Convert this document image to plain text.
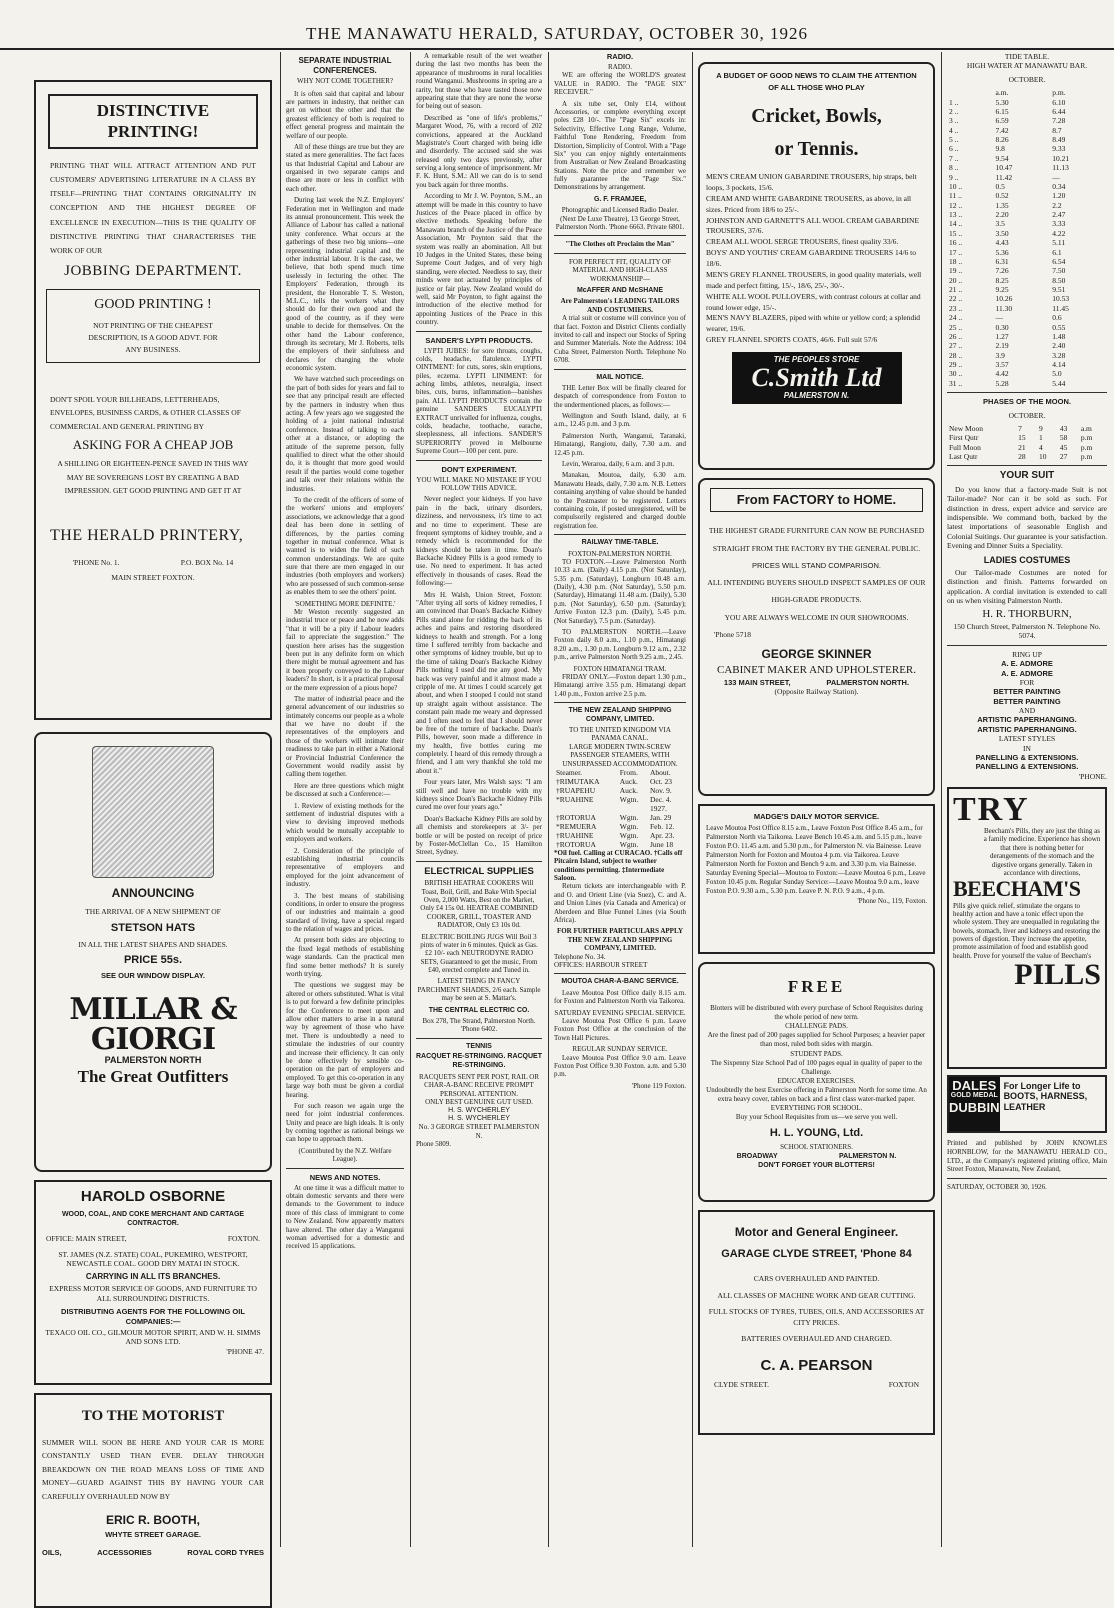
THE MANAWATU HERALD, SATURDAY, OCTOBER 30, 1926
DISTINCTIVE PRINTING!
PRINTING THAT WILL ATTRACT ATTENTION AND PUT CUSTOMERS' ADVERTISING LITERATURE IN A CLASS BY ITSELF—PRINTING THAT CONTAINS ORIGINALITY IN CONCEPTION AND THE HIGHEST DEGREE OF EXCELLENCE IN EXECUTION—THIS IS THE QUALITY OF DISTINCTIVE PRINTING THAT CHARACTERISES THE WORK OF OUR
JOBBING DEPARTMENT.
GOOD PRINTING !
NOT PRINTING OF THE CHEAPEST DESCRIPTION, IS A GOOD ADVT. FOR ANY BUSINESS.
DON'T SPOIL YOUR BILLHEADS, LETTERHEADS, ENVELOPES, BUSINESS CARDS, & OTHER CLASSES OF COMMERCIAL AND GENERAL PRINTING BY
ASKING FOR A CHEAP JOB
A SHILLING OR EIGHTEEN-PENCE SAVED IN THIS WAY MAY BE SOVEREIGNS LOST BY CREATING A BAD IMPRESSION. GET GOOD PRINTING AND GET IT AT
THE HERALD PRINTERY,
'PHONE No. 1.	P.O. BOX No. 14
MAIN STREET FOXTON.
ANNOUNCING
THE ARRIVAL OF A NEW SHIPMENT OF
STETSON HATS
IN ALL THE LATEST SHAPES AND SHADES.
PRICE 55s.
SEE OUR WINDOW DISPLAY.
MILLAR & GIORGI
PALMERSTON NORTH
The Great Outfitters
HAROLD OSBORNE
WOOD, COAL, AND COKE MERCHANT AND CARTAGE CONTRACTOR.
OFFICE: MAIN STREET,	FOXTON.
ST. JAMES (N.Z. STATE) COAL, PUKEMIRO, WESTPORT, NEWCASTLE COAL. GOOD DRY MATAI IN STOCK.
CARRYING IN ALL ITS BRANCHES.
EXPRESS MOTOR SERVICE OF GOODS, AND FURNITURE TO ALL SURROUNDING DISTRICTS.
DISTRIBUTING AGENTS FOR THE FOLLOWING OIL COMPANIES:—
TEXACO OIL CO., GILMOUR MOTOR SPIRIT, AND W. H. SIMMS AND SONS LTD.
'PHONE 47.
TO THE MOTORIST
SUMMER WILL SOON BE HERE AND YOUR CAR IS MORE CONSTANTLY USED THAN EVER. DELAY THROUGH BREAKDOWN ON THE ROAD MEANS LOSS OF TIME AND MONEY—GUARD AGAINST THIS BY HAVING YOUR CAR CAREFULLY OVERHAULED NOW BY
ERIC R. BOOTH,
WHYTE STREET GARAGE.
OILS,	ACCESSORIES	ROYAL CORD TYRES
SEPARATE INDUSTRIAL CONFERENCES.
WHY NOT COME TOGETHER?

It is often said that capital and labour are partners in industry, that neither can get on without the other and that the greatest efficiency of both is required to effect general progress and maintain the welfare of our people.

All of these things are true but they are stated as mere generalities. The fact faces us that Industrial Capital and Labour are organised in two separate camps and these are more or less in conflict with each other.

During last week the N.Z. Employers' Federation met in Wellington and made its annual pronouncement. This week the Alliance of Labour has called a national unity conference. What occurs at the gatherings of these two big unions—one representing industrial capital and the other industrial labour. It is the case, we believe, that both spend much time uselessly in lecturing the other. The Employers' Federation, through its president, the Honorable T. S. Weston, M.L.C., tells the workers what they should do for their own good and the good of the country, as if they were unable to decide for themselves. On the other hand the Labour conference, through its secretary, Mr J. Roberts, tells the employers of their sinfulness and declares for changing the whole economic system.

We have watched such proceedings on the part of both sides for years and fail to see that any principal result are effected by the partners in industry when thus acting. A few years ago we suggested the holding of a joint national industrial conference. Instead of talking to each other at a distance, or adopting the attitude of the supreme person, fully qualified to direct what the other should do, it is thought that more good would result if the parties would come together and talk over their relations within the industries.

To the credit of the officers of some of the workers' unions and employers' associations, we acknowledge that a good deal has been done in settling of differences, by the parties coming together in mutual conference. What is wanted is to widen the field of such common understandings. We are quite sure that there are men engaged in our industries (both employers and workers) who are possessed of such common-sense as enables them to see the others' point.

'SOMETHING MORE DEFINITE.'

Mr Weston recently suggested an industrial truce or peace and he now adds "that it will be a pity if Labour leaders fail to appreciate the suggestion." The question here arises has the suggestion been put in any definite form on which there might be mutual agreement and has it been properly conveyed to the Labour leaders? In short, is it a practical proposal or the mere expression of a pious hope?

The matter of industrial peace and the general advancement of our industries so intimately concerns our people as a whole that we have no doubt if the representatives of the employers and those of the workers will intimate their readiness to take part in either a National or Provincial Industrial Conference the Government would readily assist by calling them together.

Here are three questions which might be discussed at such a Conference:—

1. Review of existing methods for the settlement of industrial disputes with a view to devising improved methods which would be mutually acceptable to employers and workers.

2. Consideration of the principle of establishing industrial councils representative of employers and employed for the joint advancement of industry.

3. The best means of stabilising conditions, in order to ensure the progress of our industries and maintain a good standard of living, have a special regard to the relation of wages and prices.

At present both sides are objecting to the fixed legal methods of establishing wage standards. Can the practical men find some better methods? It is surely worth trying.

The questions we suggest may be altered or others substituted. What is vital is to put forward a few definite principles for the Conference to meet upon and allow other matters to arise in a natural way by agreement of those who have met. There is undoubtedly a need to stimulate the industries of our country and increase their efficiency. It can only be done effectively by sensible co-operation on the part of employers and employed. To get this co-operation in any large way both must be given a cordial hearing.

For such reason we again urge the need for joint industrial conferences. Unity and peace are high ideals. It is only by coming together as rational beings we can hope to approach them.

(Contributed by the N.Z. Welfare League).
NEWS AND NOTES.

At one time it was a difficult matter to obtain domestic servants and there were demands to the Government to induce more of this class of immigrant to come to New Zealand. Now apparently matters have altered. The other day a Wanganui woman advertised for a domestic and received 15 applications.

A remarkable result of the wet weather during the last two months has been the appearance of mushrooms in rural localities round Wanganui. Mushrooms in spring are a rarity, but those who have tasted those now appearing state that they are none the worse for being out of season.

Described as "one of life's problems," Margaret Wood, 76, with a record of 202 convictions, appeared at the Auckland Magistrate's Court charged with being idle and disorderly. The accused said she was released only two days previously, after serving a long sentence of imprisonment. Mr F. K. Hunt, S.M.: All we can do is to send you back again for three months.

According to Mr J. W. Poynton, S.M., an attempt will be made in this country to have Justices of the Peace placed in office by elective methods. Speaking before the Manawatu branch of the Justice of the Peace Association, Mr Poynton said that the system was really an abomination. All but 10 Judges in the United States, these being Supreme Court Judges, and of very high standing, were elected. Needless to say, their minds were not actuated by principles of justice or fair play. New Zealand would do well, said Mr Poynton, to fight against the introduction of the elective method for appointing Justices of the Peace in this country.

SANDER'S LYPTI PRODUCTS.

LYPTI JUBES: for sore throats, coughs, colds, headache, flatulence. LYPTI OINTMENT: for cuts, sores, skin eruptions, piles, eczema. LYPTI LINIMENT: for aching limbs, athletes, neuralgia, insect bites, cuts, burns, inflammation—banishes pain. ALL LYPTI PRODUCTS contain the genuine SANDER'S EUCALYPTI EXTRACT unrivalled for influenza, coughs, colds, headache, toothache, earache, sleeplessness, all infections. SANDER'S SUPERIORITY proved in Melbourne Supreme Court—100 per cent. pure.

DON'T EXPERIMENT.
YOU WILL MAKE NO MISTAKE IF YOU FOLLOW THIS ADVICE.

Never neglect your kidneys. If you have pain in the back, urinary disorders, dizziness, and nervousness, it's time to act and no time to experiment. These are frequent symptoms of kidney trouble, and a remedy which is recommended for the kidneys should be taken in time. Doan's Backache Kidney Pills is a good remedy to use. No need to experiment. It has acted effectively in thousands of cases. Read the following:—

Mrs H. Walsh, Union Street, Foxton: "After trying all sorts of kidney remedies, I am convinced that Doan's Backache Kidney Pills stand alone for ridding the back of its aches and pains and restoring disordered kidneys to health and strength. For a long time I suffered terribly from backache and other symptoms of kidney trouble, but up to the time of taking Doan's Backache Kidney Pills nothing I used did me any good. My back was very painful and it almost made a cripple of me. At times I could scarcely get about, and when I stooped I could not stand up straight again without assistance. The constant pain made me weary and depressed and I often used to feel that I should never be free of the torture of backache. Doan's Pills, however, soon made a difference in my health, five bottles curing me completely. I heard of this remedy through a friend, and I am very thankful she told me about it."

Four years later, Mrs Walsh says: "I am still well and have no trouble with my kidneys since Doan's Backache Kidney Pills cured me over four years ago."

Doan's Backache Kidney Pills are sold by all chemists and storekeepers at 3/- per bottle or will be posted on receipt of price by Foster-McClellan Co., 15 Hamilton Street, Sydney.

ELECTRICAL SUPPLIES
BRITISH HEATRAE COOKERS Will Toast, Boil, Grill, and Bake With Special Oven, 2,000 Watts, Best on the Market, Only £4 15s 0d. HEATRAE COMBINED COOKER, GRILL, TOASTER AND RADIATOR, Only £3 10s 0d.
ELECTRIC BOILING JUGS Will Boil 3 pints of water in 6 minutes. Quick as Gas. £2 10/- each NEUTRODYNE RADIO SETS, Guaranteed to get the music, From £40, erected complete and Tuned in.
LATEST THING IN FANCY PARCHMENT SHADES, 2/6 each. Sample may be seen at S. Mattar's.
THE CENTRAL ELECTRIC CO.
Box 278, The Strand, Palmerston North. 'Phone 6402.
TENNIS
RACQUET RE-STRINGING. RACQUET RE-STRINGING.
RACQUETS SENT PER POST, RAIL OR CHAR-A-BANC RECEIVE PROMPT PERSONAL ATTENTION.
ONLY BEST GENUINE GUT USED.
H. S. WYCHERLEY
H. S. WYCHERLEY
No. 3 GEORGE STREET PALMERSTON N.
Phone 5809.
RADIO.
RADIO.

WE are offering the WORLD'S greatest VALUE in RADIO. The "PAGE SIX" RECEIVER."

A six tube set, Only £14, without Accessories, or complete everything except poles £28 10/-. The "Page Six" excels in: Selectivity, Effective Long Range, Volume, Faithful Tone Rendering, Freedom from Distortion, Simplicity of Control. With a "Page Six" you can enjoy nightly entertainments from Australian or New Zealand Broadcasting Stations. Note the price and remember we fully guarantee the "Page Six." Demonstrations by arrangement.

G. F. FRAMJEE,
Photographic and Licensed Radio Dealer. (Next De Luxe Theatre), 13 George Street, Palmerston North. 'Phone 6663. Private 6801.
"The Clothes oft Proclaim the Man"
FOR PERFECT FIT, QUALITY OF MATERIAL AND HIGH-CLASS WORKMANSHIP—
McAFFER AND McSHANE
Are Palmerston's LEADING TAILORS AND COSTUMIERS.

A trial suit or costume will convince you of that fact. Foxton and District Clients cordially invited to call and inspect our Stocks of Spring and Summer Materials. Note the Address: 104 Cuba Street, Palmerston North. Telephone No 6708.

MAIL NOTICE.

THE Letter Box will be finally cleared for despatch of correspondence from Foxton to the undermentioned places, as follows:—

Wellington and South Island, daily, at 6 a.m., 12.45 p.m. and 3 p.m.

Palmerston North, Wanganui, Taranaki, Himatangi, Rangiotu, daily, 7.30 a.m. and 12.45 p.m.

Levin, Weraroa, daily, 6 a.m. and 3 p.m.

Manakau, Moutoa, daily, 6.30 a.m. Manawatu Heads, daily, 7.30 a.m. N.B. Letters containing anything of value should be handed to the Postmaster to be registered. Letters containing coin, if posted unregistered, will be compulsorily registered and charged double registration fee.

RAILWAY TIME-TABLE.
FOXTON-PALMERSTON NORTH.

TO FOXTON.—Leave Palmerston North 10.33 a.m. (Daily) 4.15 p.m. (Not Saturday), 5.35 p.m. (Saturday), Longburn 10.48 a.m. (Daily), 4.30 p.m. (Not Saturday), 5.50 p.m. (Saturday), Himatangi 11.48 a.m. (Daily), 5.30 p.m. (Not Saturday), 6.50 p.m. (Saturday); Arrive Foxton 12.3 p.m. (Daily), 5.45 p.m. (Not Saturday), 7.5 p.m. (Saturday).

TO PALMERSTON NORTH.—Leave Foxton daily 8.0 a.m., 1.10 p.m., Himatangi 8.20 a.m., 1.30 p.m. Longburn 9.12 a.m., 2.32 p.m., arrive Palmerston North 9.25 a.m., 2.45.

FOXTON HIMATANGI TRAM.

FRIDAY ONLY.—Foxton depart 1.30 p.m., Himatangi arrive 3.55 p.m. Himatangi depart 1.40 p.m., Foxton arrive 2.5 p.m.

THE NEW ZEALAND SHIPPING COMPANY, LIMITED.
TO THE UNITED KINGDOM VIA PANAMA CANAL.
LARGE MODERN TWIN-SCREW PASSENGER STEAMERS, WITH UNSURPASSED ACCOMMODATION.
Steamer.	From.	About.
†RIMUTAKA	Auck.	Oct. 23
†RUAPEHU	Auck.	Nov. 9.
*RUAHINE	Wgtn.	Dec. 4.
		1927.
†ROTORUA	Wgtn.	Jan. 29
*REMUERA	Wgtn.	Feb. 12.
†RUAHINE	Wgtn.	Apr. 23.
†ROTORUA	Wgtn.	June 18
*Oil fuel. Calling at CURACAO. †Calls off Pitcairn Island, subject to weather conditions permitting. ‡Intermediate Saloon.

Return tickets are interchangeable with P. and O. and Orient Line (via Suez), C. and A. and Union Lines (via Canada and America) or Aberdeen and Blue Funnel Lines (via South Africa).

FOR FURTHER PARTICULARS APPLY
THE NEW ZEALAND SHIPPING COMPANY, LIMITED.
Telephone No. 34.
OFFICES: HARBOUR STREET
MOUTOA CHAR-A-BANC SERVICE.

Leave Moutoa Post Office daily 8.15 a.m. for Foxton and Palmerston North via Taikorea.

SATURDAY EVENING SPECIAL SERVICE.

Leave Moutoa Post Office 6 p.m. Leave Foxton Post Office at the conclusion of the Town Hall Pictures.

REGULAR SUNDAY SERVICE.

Leave Moutoa Post Office 9.0 a.m. Leave Foxton Post Office 9.30 Foxton. a.m. and 5.30 p.m.

'Phone 119 Foxton.
A BUDGET OF GOOD NEWS TO CLAIM THE ATTENTION OF ALL THOSE WHO PLAY
Cricket, Bowls,
or Tennis.
MEN'S CREAM UNION GABARDINE TROUSERS, hip straps, belt loops, 3 pockets, 15/6.
CREAM AND WHITE GABARDINE TROUSERS, as above, in all sizes. Priced from 18/6 to 25/-.
JOHNSTON AND GARNETT'S ALL WOOL CREAM GABARDINE TROUSERS, 37/6.
CREAM ALL WOOL SERGE TROUSERS, finest quality 33/6.
BOYS' AND YOUTHS' CREAM GABARDINE TROUSERS 14/6 to 18/6.
MEN'S GREY FLANNEL TROUSERS, in good quality materials, well made and perfect fitting, 15/-, 18/6, 25/-, 30/-.
WHITE ALL WOOL PULLOVERS, with contrast colours at collar and round lower edge, 15/-.
MEN'S NAVY BLAZERS, piped with white or yellow cord; a splendid wearer, 19/6.
GREY FLANNEL SPORTS COATS, 46/6. Full suit 57/6
THE PEOPLES STORE
C.Smith Ltd
PALMERSTON N.
From FACTORY to HOME.
THE HIGHEST GRADE FURNITURE CAN NOW BE PURCHASED STRAIGHT FROM THE FACTORY BY THE GENERAL PUBLIC.
PRICES WILL STAND COMPARISON.
ALL INTENDING BUYERS SHOULD INSPECT SAMPLES OF OUR HIGH-GRADE PRODUCTS.
YOU ARE ALWAYS WELCOME IN OUR SHOWROOMS.
'Phone 5718
GEORGE SKINNER
CABINET MAKER AND UPHOLSTERER.
133 MAIN STREET,	PALMERSTON NORTH.
(Opposite Railway Station).
MADGE'S DAILY MOTOR SERVICE.
Leave Moutoa Post Office 8.15 a.m., Leave Foxton Post Office 8.45 a.m., for Palmerston North via Taikorea. Leave Bench 10.45 a.m. and 5.15 p.m., leave Foxton P.O. 11.45 a.m. and 5.30 p.m., for Palmerston N. via Bainesse. Leave Palmerston North for Foxton and Moutoa 4 p.m. via Taikorea. Leave Palmerston North for Foxton and Bench 9 a.m. and 3.30 p.m. via Bainesse. Saturday Evening Special—Moutoa to Foxton:—Leave Moutoa 6 p.m., Leave Foxton 10.45 p.m. Regular Sunday Service:—Leave Moutoa 9.0 a.m., leave Foxton P.O. 9.30 a.m., 5.30 p.m. Leave P. N. P.O. 9 a.m., 4 p.m.
'Phone No., 119, Foxton.
FREE
Blotters will be distributed with every purchase of School Requisites during the whole period of new term.
CHALLENGE PADS.
Are the finest pad of 200 pages supplied for School Purposes; a heavier paper than most, ruled both sides with margin.
STUDENT PADS.
The Sixpenny Size School Pad of 100 pages equal in quality of paper to the Challenge.
EDUCATOR EXERCISES.
Undoubtedly the best Exercise offering in Palmerston North for some time. An extra heavy cover, tables on back and a first class water-marked paper.
EVERYTHING FOR SCHOOL.
Buy your School Requisites from us—we serve you well.
H. L. YOUNG, Ltd.
SCHOOL STATIONERS.
BROADWAY	PALMERSTON N.
DON'T FORGET YOUR BLOTTERS!
Motor and General Engineer.
GARAGE CLYDE STREET, 'Phone 84
CARS OVERHAULED AND PAINTED.
ALL CLASSES OF MACHINE WORK AND GEAR CUTTING.
FULL STOCKS OF TYRES, TUBES, OILS, AND ACCESSORIES AT CITY PRICES.
BATTERIES OVERHAULED AND CHARGED.
C. A. PEARSON
CLYDE STREET.	FOXTON
TIDE TABLE.
HIGH WATER AT MANAWATU BAR.
OCTOBER.
	a.m.	p.m.
1 ..	5.30	6.10
2 ..	6.15	6.44
3 ..	6.59	7.28
4 ..	7.42	8.7
5 ..	8.26	8.49
6 ..	9.8	9.33
7 ..	9.54	10.21
8 ..	10.47	11.13
9 ..	11.42	—
10 ..	0.5	0.34
11 ..	0.52	1.20
12 ..	1.35	2.2
13 ..	2.20	2.47
14 ..	3.5	3.33
15 ..	3.50	4.22
16 ..	4.43	5.11
17 ..	5.36	6.1
18 ..	6.31	6.54
19 ..	7.26	7.50
20 ..	8.25	8.50
21 ..	9.25	9.51
22 ..	10.26	10.53
23 ..	11.30	11.45
24 ..	—	0.6
25 ..	0.30	0.55
26 ..	1.27	1.48
27 ..	2.19	2.40
28 ..	3.9	3.28
29 ..	3.57	4.14
30 ..	4.42	5.0
31 ..	5.28	5.44
PHASES OF THE MOON.
OCTOBER.
New Moon	7	9	43	a.m
First Qutr	15	1	58	p.m
Full Moon	21	4	45	p.m
Last Qutr	28	10	27	p.m
YOUR SUIT

Do you know that a factory-made Suit is not Tailor-made? Nor can it be sold as such. For distinction in dress, expert advice and service are indispensible. We command both, backed by the latest importations of seasonable English and Colonial Suitings. Our guarantee is your satisfaction. Evening and Dinner Suits a Speciality.

LADIES COSTUMES

Our Tailor-made Costumes are noted for distinction and finish. Patterns forwarded on application. A cordial invitation is extended to call on us when visiting Palmerston North.

H. R. THORBURN,
150 Church Street, Palmerston N. Telephone No. 5074.
RING UP
A. E. ADMORE
A. E. ADMORE
FOR
BETTER PAINTING
BETTER PAINTING
AND
ARTISTIC PAPERHANGING.
ARTISTIC PAPERHANGING.
LATEST STYLES
IN
PANELLING & EXTENSIONS.
PANELLING & EXTENSIONS.
'PHONE.
TRY
Beecham's Pills, they are just the thing as a family medicine. Experience has shown that there is nothing better for derangements of the stomach and the digestive organs generally. Taken in accordance with directions,
BEECHAM'S
Pills give quick relief, stimulate the organs to healthy action and have a tonic effect upon the whole system. They are unequalled in regulating the bowels, stomach, liver and kidneys and restoring the powers of digestion. They increase the appetite, promote assimilation of food and establish good health. Prove for yourself the value of Beecham's
PILLS
DALES
GOLD MEDAL
DUBBIN
For Longer Life to BOOTS, HARNESS, LEATHER

Printed and published by JOHN KNOWLES HORNBLOW, for the MANAWATU HERALD CO., LTD., at the Company's registered printing office, Main Street Foxton, Manawatu, New Zealand,

SATURDAY, OCTOBER 30, 1926.
